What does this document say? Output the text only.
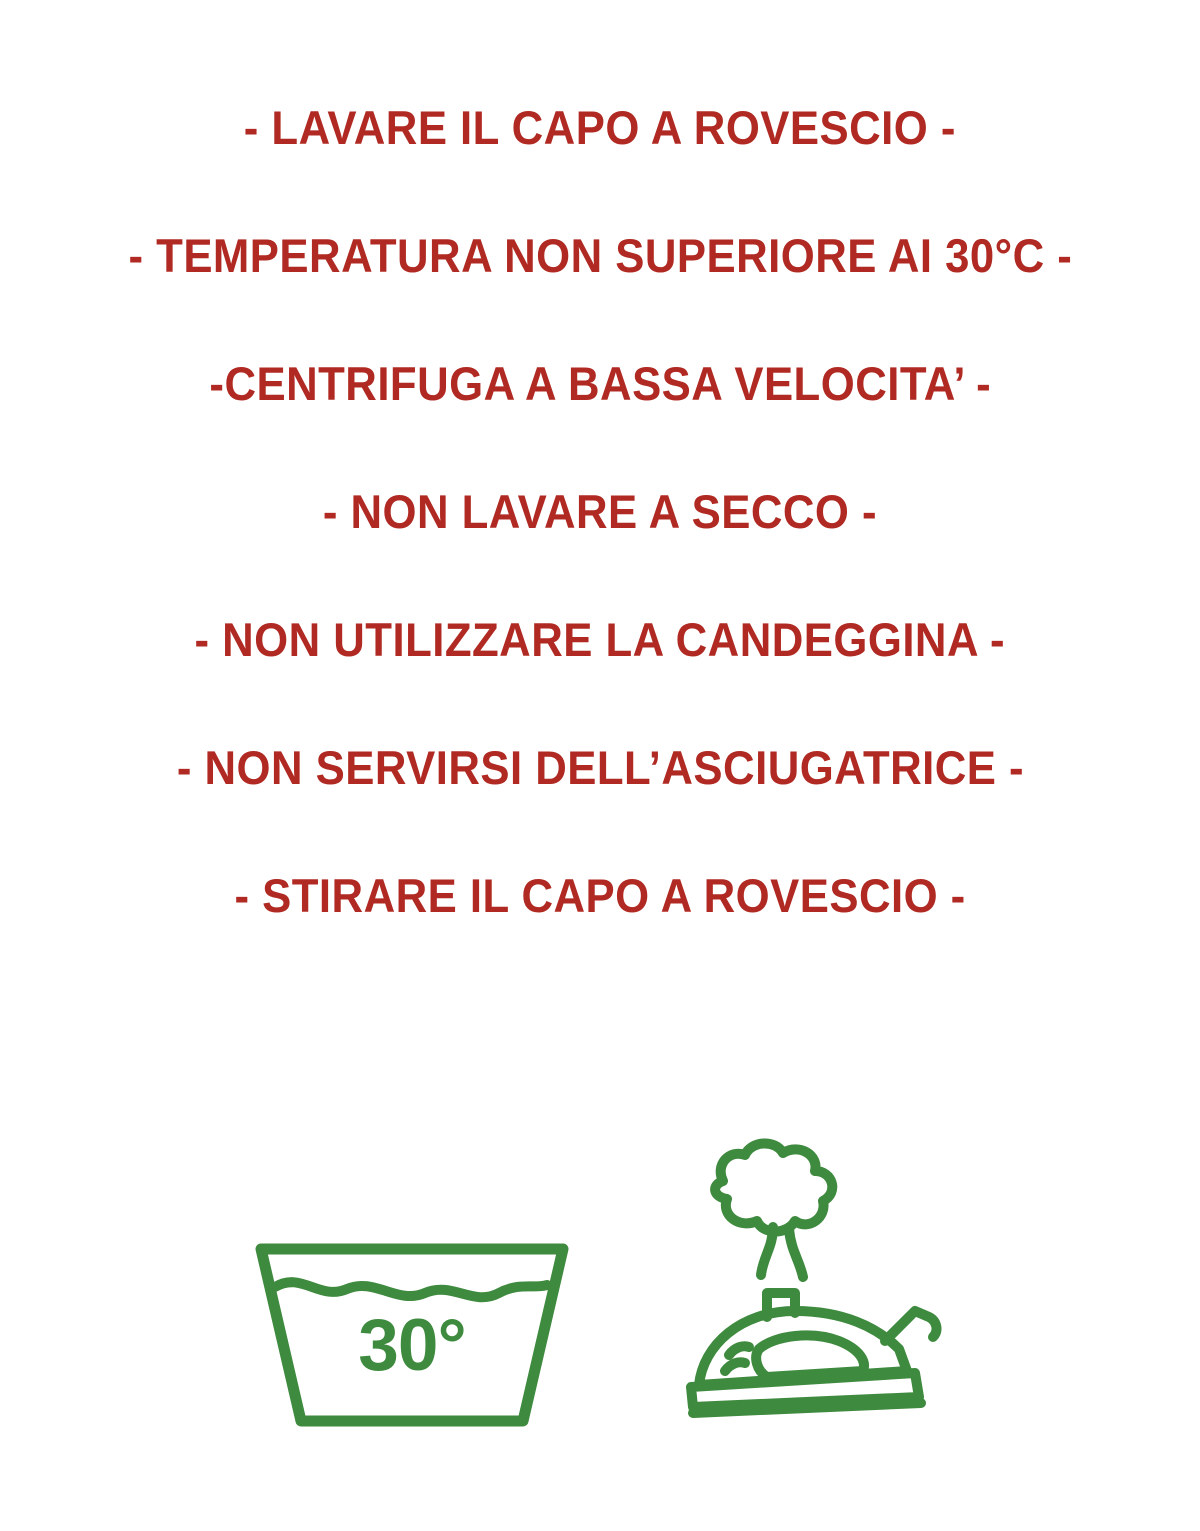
- LAVARE IL CAPO A ROVESCIO -
- TEMPERATURA NON SUPERIORE AI 30°C -
-CENTRIFUGA A BASSA VELOCITA’ -
- NON LAVARE A SECCO -
- NON UTILIZZARE LA CANDEGGINA -
- NON SERVIRSI DELL’ASCIUGATRICE -
- STIRARE IL CAPO A ROVESCIO -
30°
